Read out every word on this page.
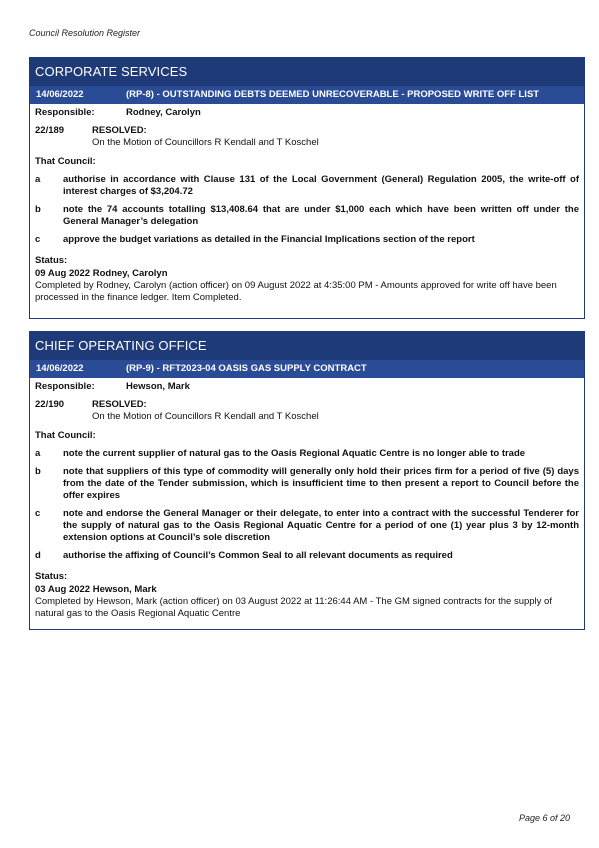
Council Resolution Register
CORPORATE SERVICES
14/06/2022	(RP-8) - OUTSTANDING DEBTS DEEMED UNRECOVERABLE - PROPOSED WRITE OFF LIST
Responsible:	Rodney, Carolyn
22/189	RESOLVED:
On the Motion of Councillors R Kendall and T Koschel
That Council:
a	authorise in accordance with Clause 131 of the Local Government (General) Regulation 2005, the write-off of interest charges of $3,204.72
b	note the 74 accounts totalling $13,408.64 that are under $1,000 each which have been written off under the General Manager’s delegation
c	approve the budget variations as detailed in the Financial Implications section of the report
Status:
09 Aug 2022 Rodney, Carolyn
Completed by Rodney, Carolyn (action officer) on 09 August 2022 at 4:35:00 PM - Amounts approved for write off have been processed in the finance ledger. Item Completed.
CHIEF OPERATING OFFICE
14/06/2022	(RP-9) - RFT2023-04 OASIS GAS SUPPLY CONTRACT
Responsible:	Hewson, Mark
22/190	RESOLVED:
On the Motion of Councillors R Kendall and T Koschel
That Council:
a	note the current supplier of natural gas to the Oasis Regional Aquatic Centre is no longer able to trade
b	note that suppliers of this type of commodity will generally only hold their prices firm for a period of five (5) days from the date of the Tender submission, which is insufficient time to then present a report to Council before the offer expires
c	note and endorse the General Manager or their delegate, to enter into a contract with the successful Tenderer for the supply of natural gas to the Oasis Regional Aquatic Centre for a period of one (1) year plus 3 by 12-month extension options at Council’s sole discretion
d	authorise the affixing of Council’s Common Seal to all relevant documents as required
Status:
03 Aug 2022 Hewson, Mark
Completed by Hewson, Mark (action officer) on 03 August 2022 at 11:26:44 AM - The GM signed contracts for the supply of natural gas to the Oasis Regional Aquatic Centre
Page 6 of 20
